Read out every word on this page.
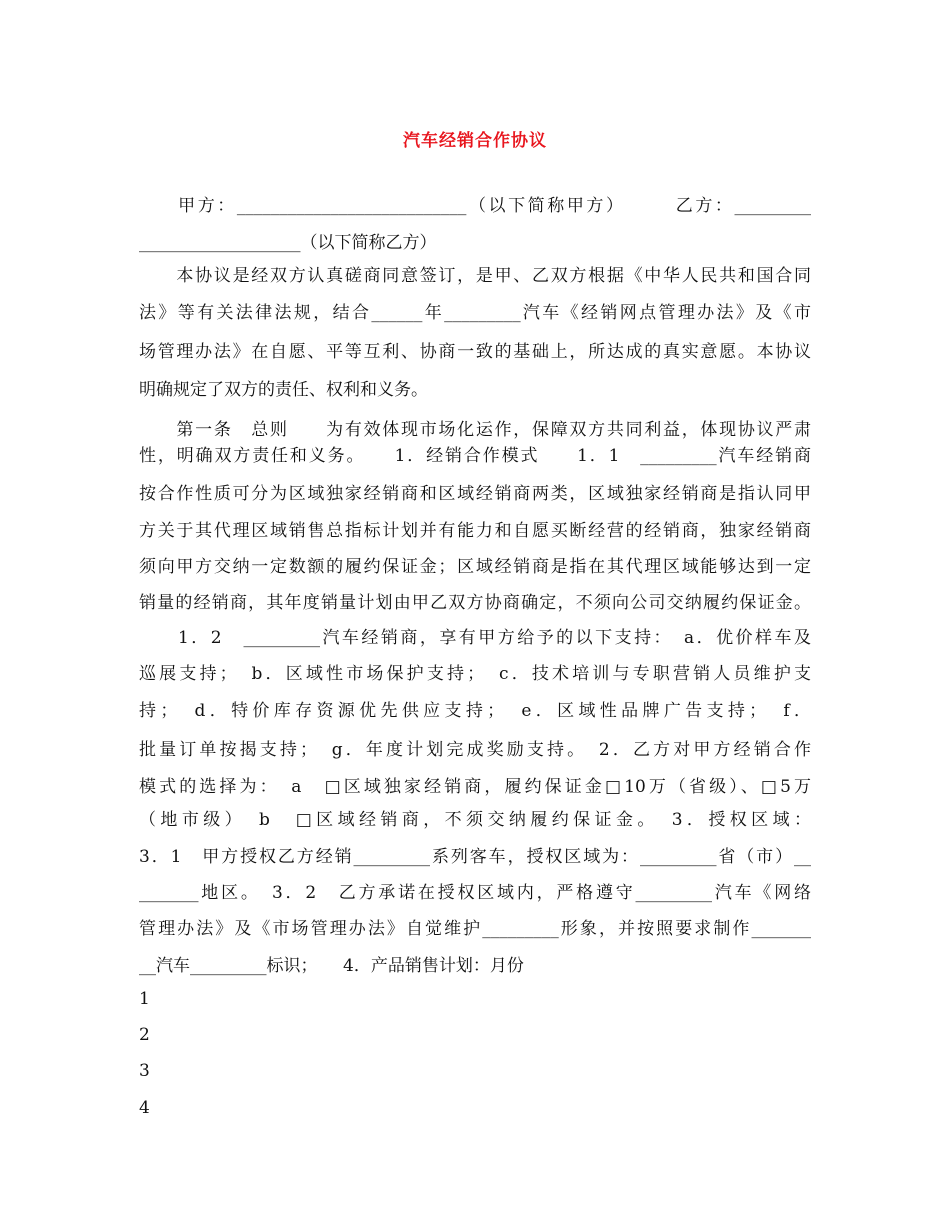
汽车经销合作协议
　　甲方：___________________________（以下简称甲方）　　　乙方：_________
___________________（以下简称乙方）
　　本协议是经双方认真磋商同意签订，是甲、乙双方根据《中华人民共和国合同
法》等有关法律法规，结合______年_________汽车《经销网点管理办法》及《市
场管理办法》在自愿、平等互利、协商一致的基础上，所达成的真实意愿。本协议
明确规定了双方的责任、权利和义务。
　　第一条　总则　　为有效体现市场化运作，保障双方共同利益，体现协议严肃
性，明确双方责任和义务。　　1．经销合作模式　　1．1　_________汽车经销商
按合作性质可分为区域独家经销商和区域经销商两类，区域独家经销商是指认同甲
方关于其代理区域销售总指标计划并有能力和自愿买断经营的经销商，独家经销商
须向甲方交纳一定数额的履约保证金；区域经销商是指在其代理区域能够达到一定
销量的经销商，其年度销量计划由甲乙双方协商确定，不须向公司交纳履约保证金。
　　1．2　_________汽车经销商，享有甲方给予的以下支持：　a．优价样车及
巡展支持；　b．区域性市场保护支持；　c．技术培训与专职营销人员维护支
持；　d．特价库存资源优先供应支持；　e．区域性品牌广告支持；　f．
批量订单按揭支持；　g．年度计划完成奖励支持。　2．乙方对甲方经销合作
模式的选择为：　a　□区域独家经销商，履约保证金□10万（省级）、□5万
（地市级）　b　□区域经销商，不须交纳履约保证金。　3．授权区域：
3．1　甲方授权乙方经销_________系列客车，授权区域为：_________省（市）__
_______地区。　3．2　乙方承诺在授权区域内，严格遵守_________汽车《网络
管理办法》及《市场管理办法》自觉维护_________形象，并按照要求制作_______
__汽车_________标识；　　4．产品销售计划：月份
1
2
3
4
